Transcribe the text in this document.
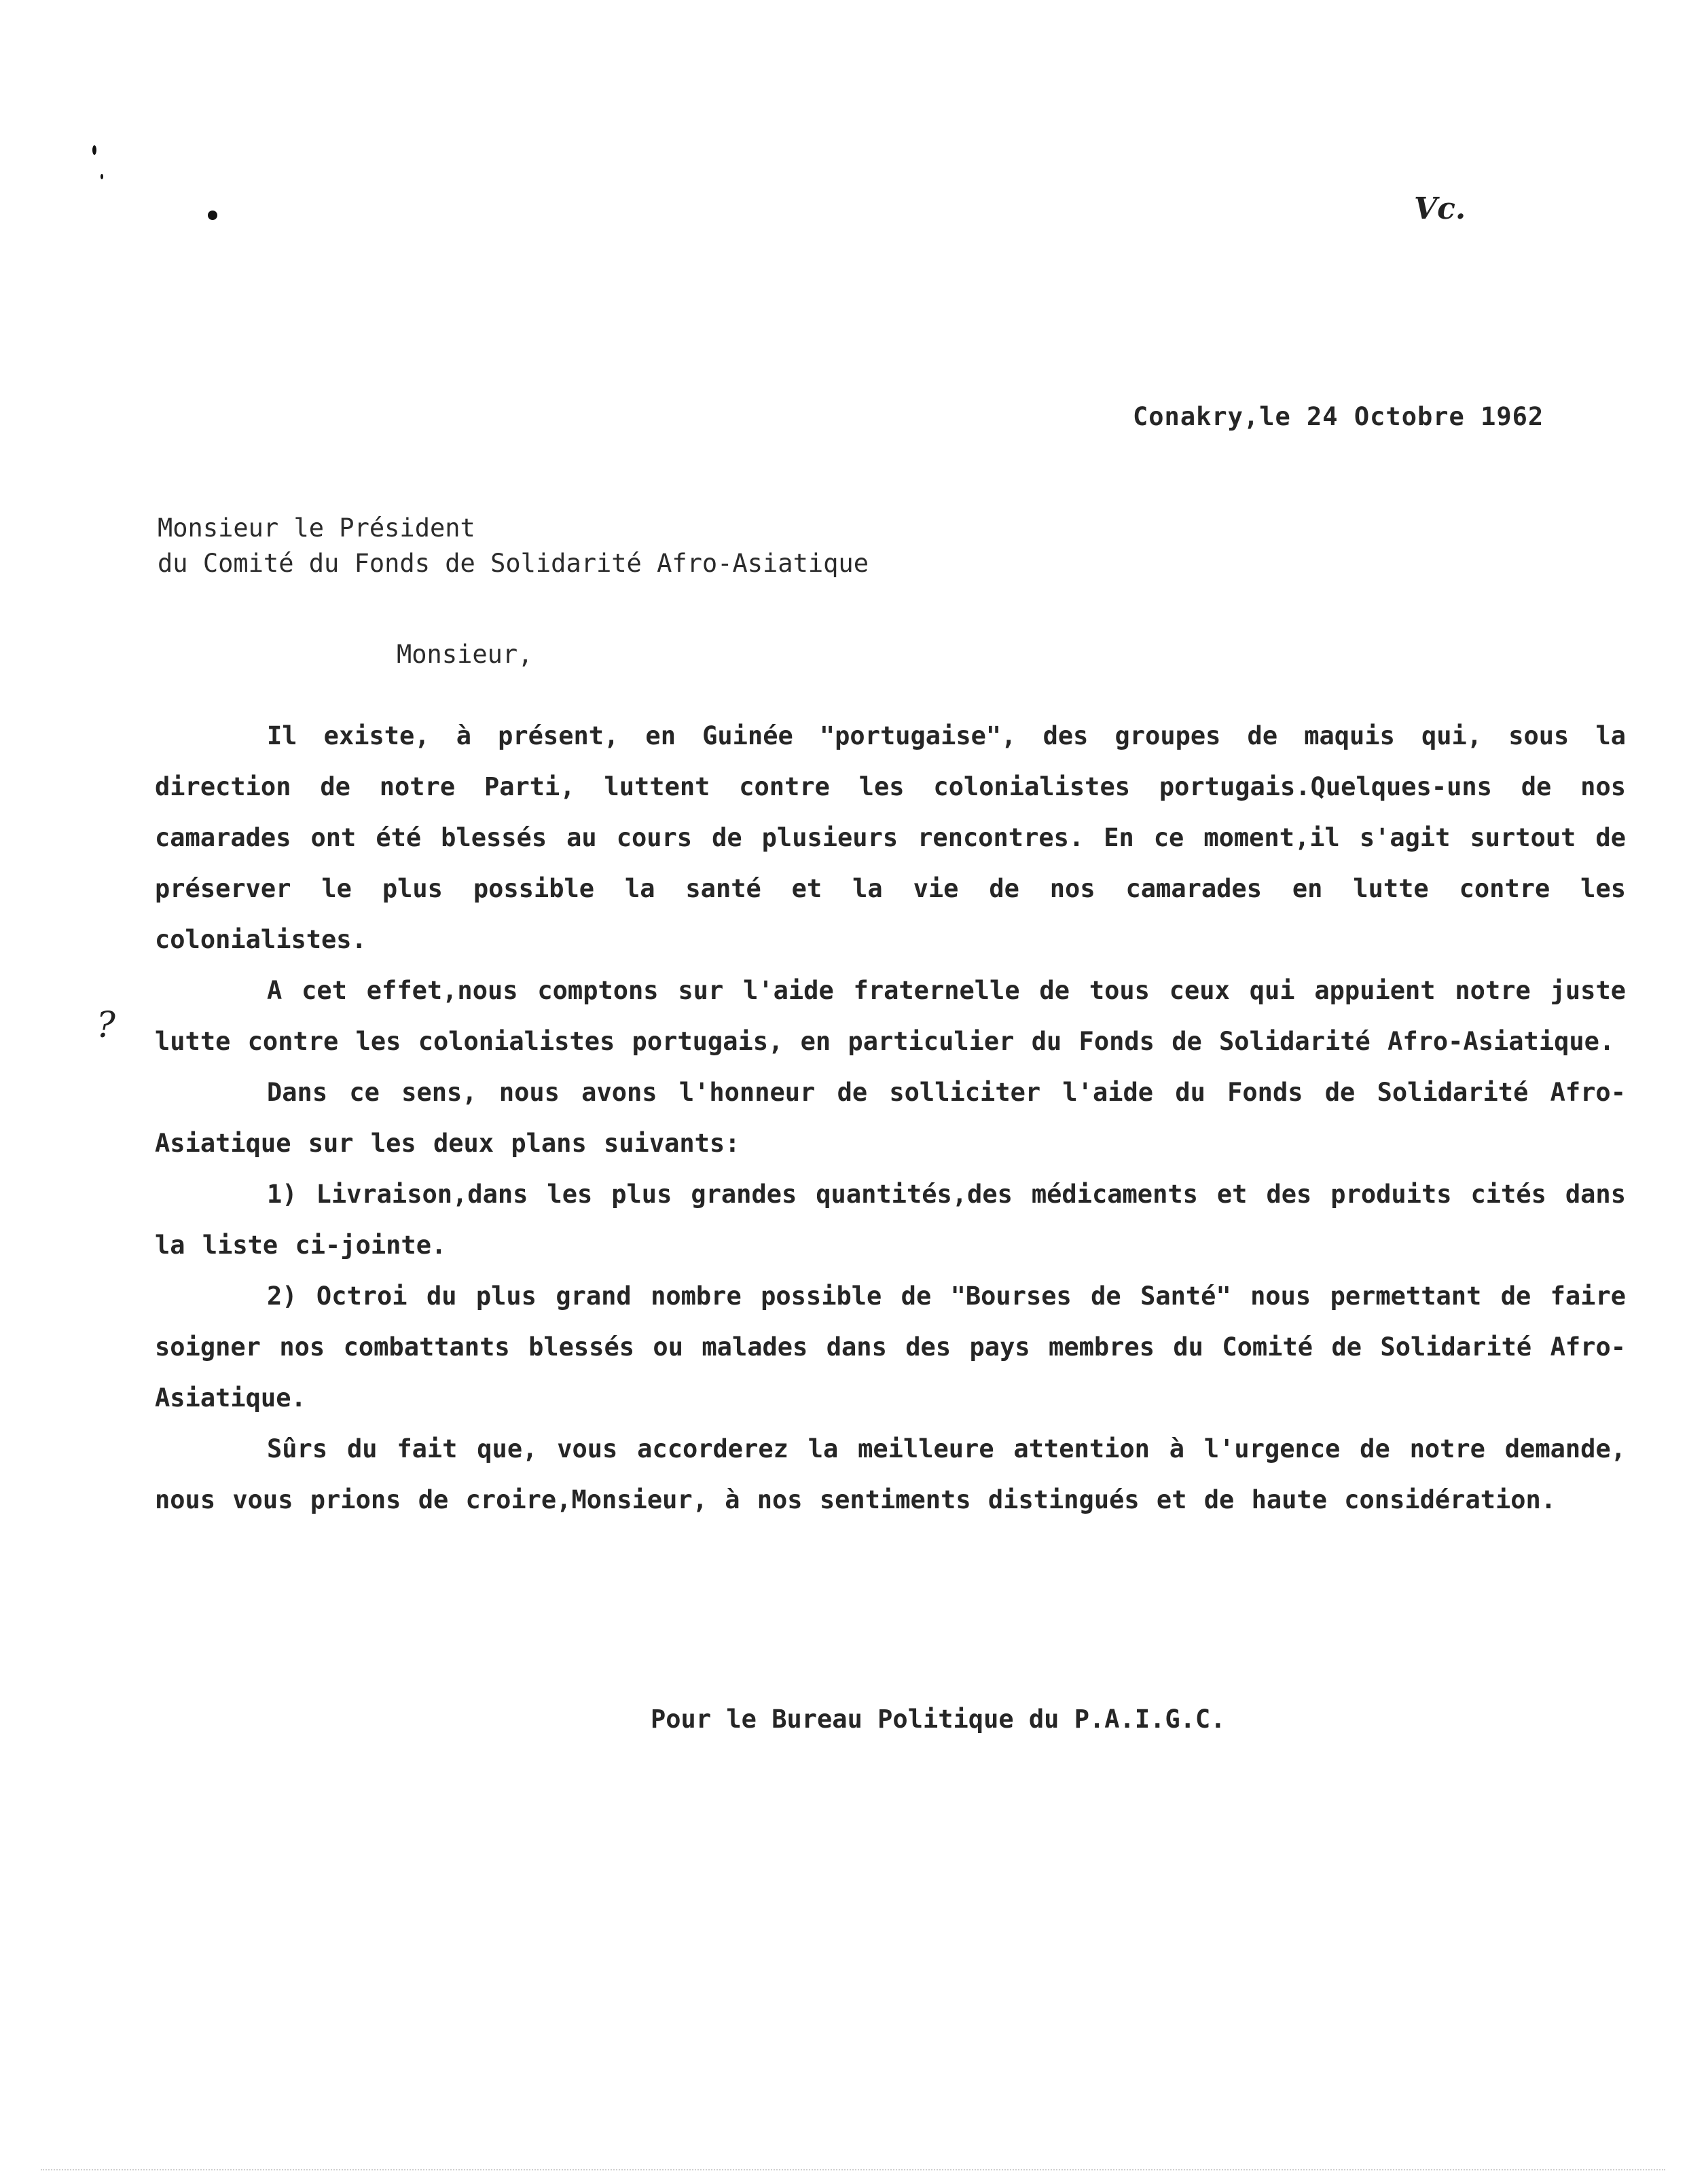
Vc.
?
Conakry,le 24 Octobre 1962
Monsieur le Président
du Comité du Fonds de Solidarité Afro-Asiatique
Monsieur,

Il existe, à présent, en Guinée "portugaise", des groupes de maquis qui, sous la direction de notre Parti, luttent contre les colonialistes portugais.Quelques-uns de nos camarades ont été blessés au cours de plusieurs rencontres. En ce moment,il s'agit surtout de préserver le plus possible la santé et la vie de nos camarades en lutte contre les colonialistes.

A cet effet,nous comptons sur l'aide fraternelle de tous ceux qui appuient notre juste lutte contre les colonialistes portugais, en particulier du Fonds de Solidarité Afro-Asiatique.

Dans ce sens, nous avons l'honneur de solliciter l'aide du Fonds de Solidarité Afro-Asiatique sur les deux plans suivants:

1) Livraison,dans les plus grandes quantités,des médicaments et des produits cités dans la liste ci-jointe.

2) Octroi du plus grand nombre possible de "Bourses de Santé" nous permettant de faire soigner nos combattants blessés ou malades dans des pays membres du Comité de Solidarité Afro-Asiatique.

Sûrs du fait que, vous accorderez la meilleure attention à l'urgence de notre demande, nous vous prions de croire,Monsieur, à nos sentiments distingués et de haute considération.

Pour le Bureau Politique du P.A.I.G.C.
